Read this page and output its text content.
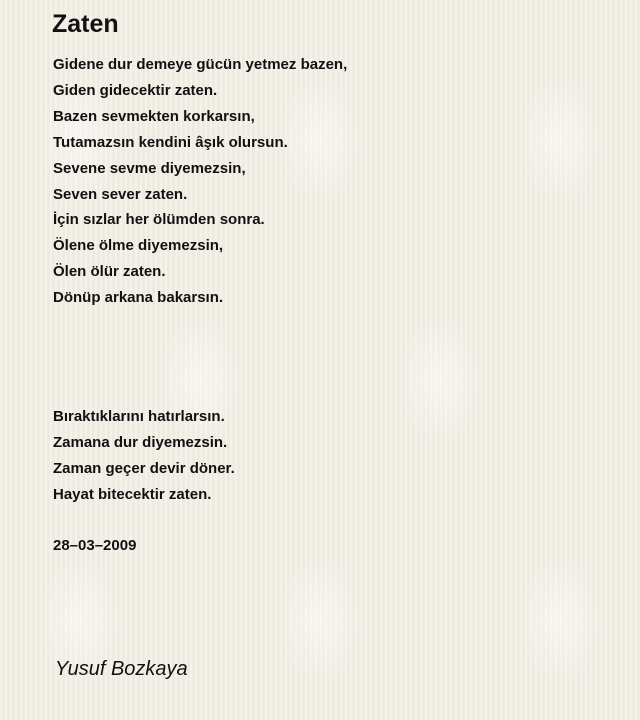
Zaten
Gidene dur demeye gücün yetmez bazen,
Giden gidecektir zaten.
Bazen sevmekten korkarsın,
Tutamazsın kendini âşık olursun.
Sevene sevme diyemezsin,
Seven sever zaten.
İçin sızlar her ölümden sonra.
Ölene ölme diyemezsin,
Ölen ölür zaten.
Dönüp arkana bakarsın.
Bıraktıklarını hatırlarsın.
Zamana dur diyemezsin.
Zaman geçer devir döner.
Hayat bitecektir zaten.
28–03–2009
Yusuf Bozkaya
